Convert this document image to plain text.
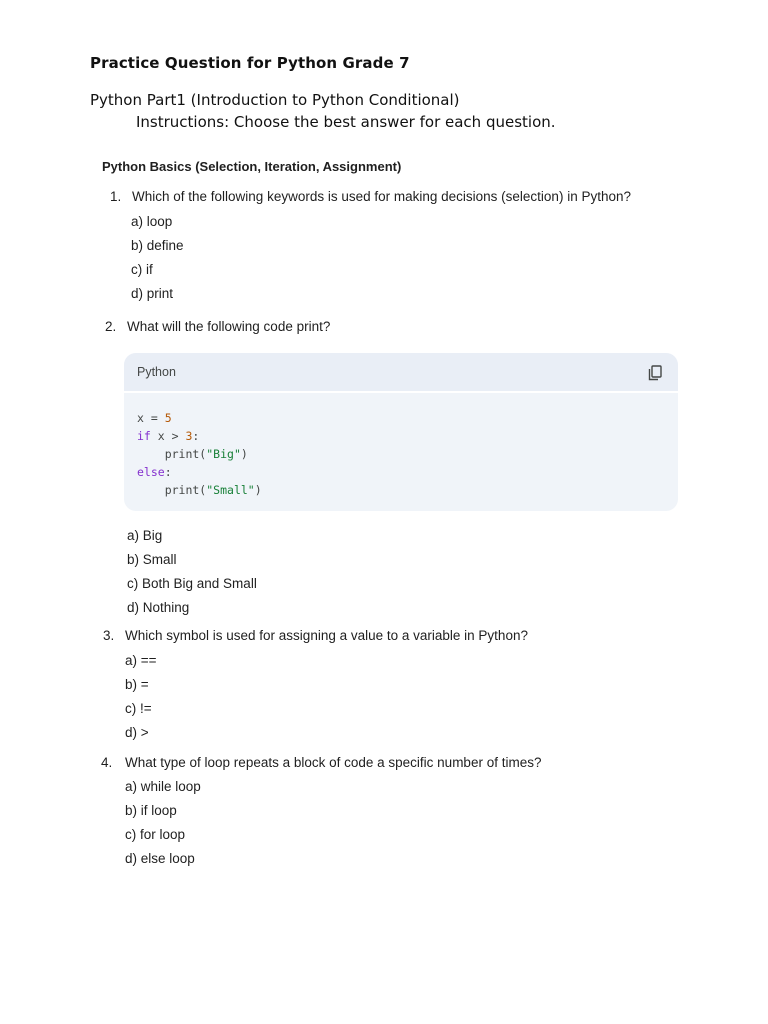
Practice Question for Python Grade 7
Python Part1 (Introduction to Python Conditional)
Instructions: Choose the best answer for each question.
Python Basics (Selection, Iteration, Assignment)
1. Which of the following keywords is used for making decisions (selection) in Python?
a) loop
b) define
c) if
d) print
2. What will the following code print?
Python
x = 5
if x > 3:
print("Big")
else:
print("Small")
a) Big
b) Small
c) Both Big and Small
d) Nothing
3. Which symbol is used for assigning a value to a variable in Python?
a) ==
b) =
c) !=
d) >
4. What type of loop repeats a block of code a specific number of times?
a) while loop
b) if loop
c) for loop
d) else loop
